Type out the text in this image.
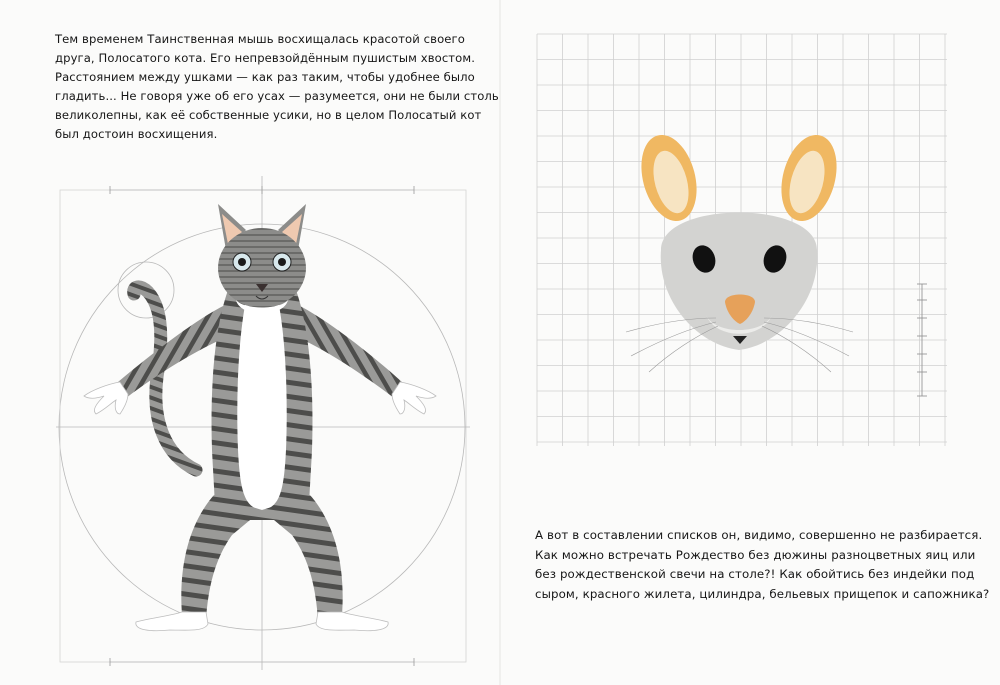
Тем временем Таинственная мышь восхищалась красотой своего
друга, Полосатого кота. Его непревзойдённым пушистым хвостом.
Расстоянием между ушками — как раз таким, чтобы удобнее было
гладить... Не говоря уже об его усах — разумеется, они не были столь
великолепны, как её собственные усики, но в целом Полосатый кот
был достоин восхищения.
А вот в составлении списков он, видимо, совершенно не разбирается.
Как можно встречать Рождество без дюжины разноцветных яиц или
без рождественской свечи на столе?! Как обойтись без индейки под
сыром, красного жилета, цилиндра, бельевых прищепок и сапожника?
